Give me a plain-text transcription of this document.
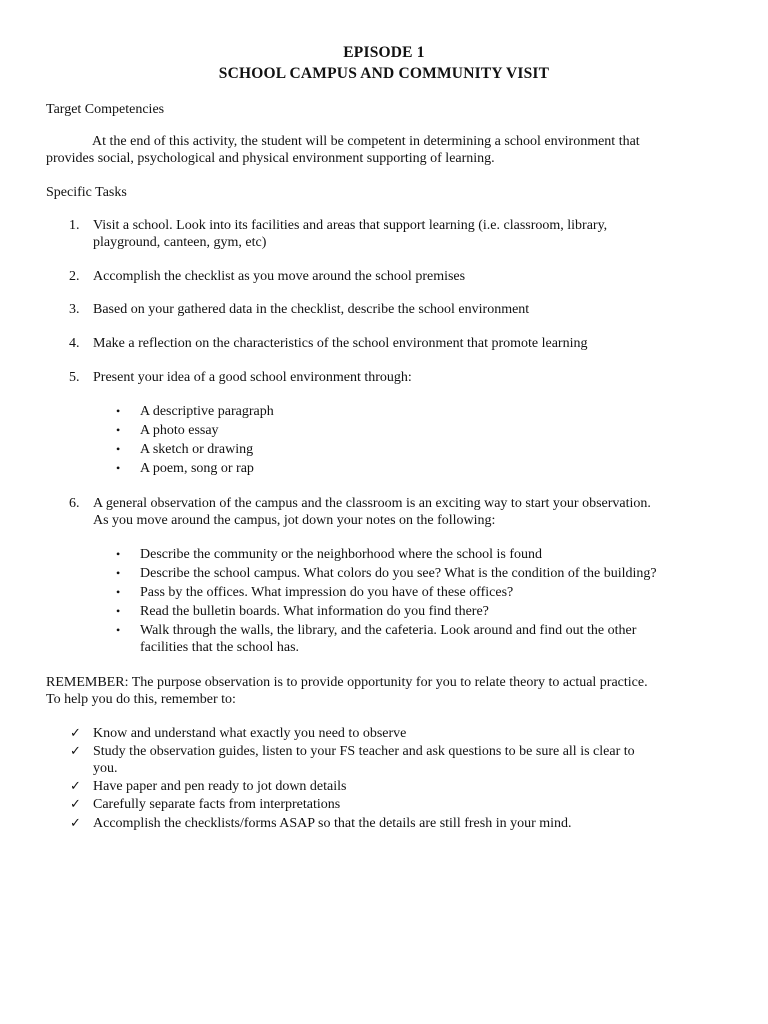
EPISODE 1
SCHOOL CAMPUS AND COMMUNITY VISIT
Target Competencies
At the end of this activity, the student will be competent in determining a school environment that
provides social, psychological and physical environment supporting of learning.
Specific Tasks
1. Visit a school. Look into its facilities and areas that support learning (i.e. classroom, library,
playground, canteen, gym, etc)
2. Accomplish the checklist as you move around the school premises
3. Based on your gathered data in the checklist, describe the school environment
4. Make a reflection on the characteristics of the school environment that promote learning
5. Present your idea of a good school environment through:
•	A descriptive paragraph
•	A photo essay
•	A sketch or drawing
•	A poem, song or rap
6. A general observation of the campus and the classroom is an exciting way to start your observation.
As you move around the campus, jot down your notes on the following:
•	Describe the community or the neighborhood where the school is found
•	Describe the school campus. What colors do you see? What is the condition of the building?
•	Pass by the offices. What impression do you have of these offices?
•	Read the bulletin boards. What information do you find there?
•	Walk through the walls, the library, and the cafeteria. Look around and find out the other
facilities that the school has.
REMEMBER: The purpose observation is to provide opportunity for you to relate theory to actual practice.
To help you do this, remember to:
✓ Know and understand what exactly you need to observe
✓ Study the observation guides, listen to your FS teacher and ask questions to be sure all is clear to
you.
✓ Have paper and pen ready to jot down details
✓ Carefully separate facts from interpretations
✓ Accomplish the checklists/forms ASAP so that the details are still fresh in your mind.
